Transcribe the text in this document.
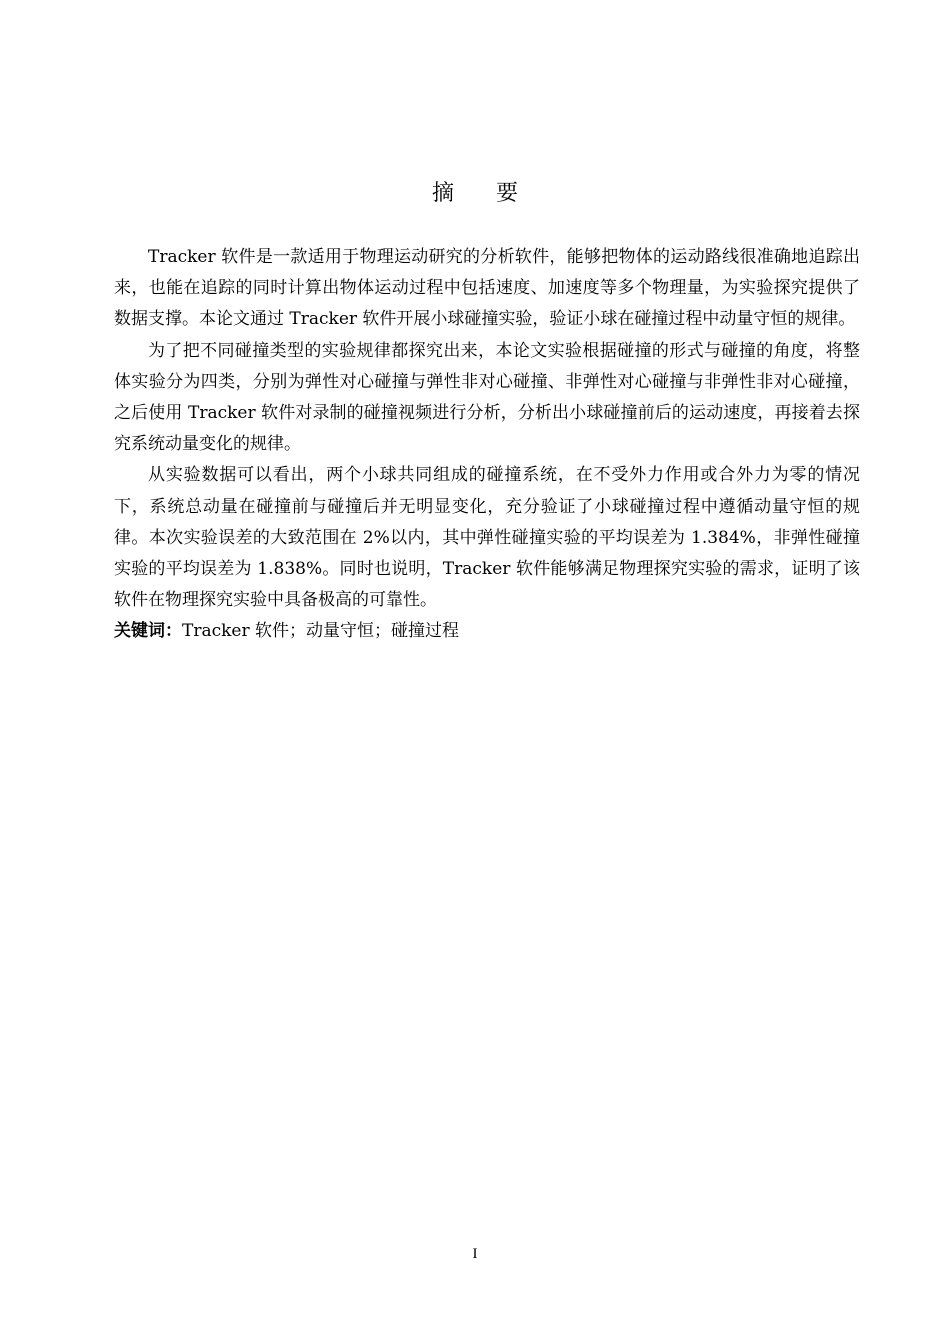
摘 要

Tracker 软件是一款适用于物理运动研究的分析软件，能够把物体的运动路线很准确地追踪出来，也能在追踪的同时计算出物体运动过程中包括速度、加速度等多个物理量，为实验探究提供了数据支撑。本论文通过 Tracker 软件开展小球碰撞实验，验证小球在碰撞过程中动量守恒的规律。

为了把不同碰撞类型的实验规律都探究出来，本论文实验根据碰撞的形式与碰撞的角度，将整体实验分为四类，分别为弹性对心碰撞与弹性非对心碰撞、非弹性对心碰撞与非弹性非对心碰撞，之后使用 Tracker 软件对录制的碰撞视频进行分析，分析出小球碰撞前后的运动速度，再接着去探究系统动量变化的规律。

从实验数据可以看出，两个小球共同组成的碰撞系统，在不受外力作用或合外力为零的情况下，系统总动量在碰撞前与碰撞后并无明显变化，充分验证了小球碰撞过程中遵循动量守恒的规律。本次实验误差的大致范围在 2%以内，其中弹性碰撞实验的平均误差为 1.384%，非弹性碰撞实验的平均误差为 1.838%。同时也说明，Tracker 软件能够满足物理探究实验的需求，证明了该软件在物理探究实验中具备极高的可靠性。

关键词：Tracker 软件；动量守恒；碰撞过程

I
